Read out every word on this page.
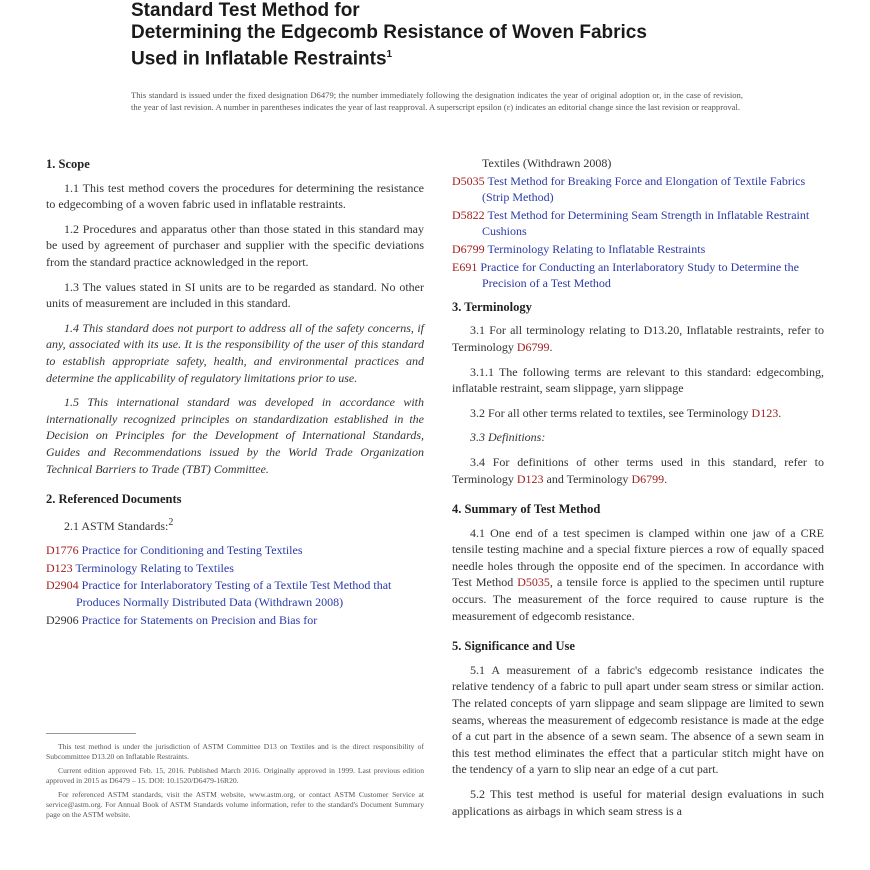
Standard Test Method for
Determining the Edgecomb Resistance of Woven Fabrics
Used in Inflatable Restraints$^1$
This standard is issued under the fixed designation D6479; the number immediately following the designation indicates the year of original adoption or, in the case of revision, the year of last revision. A number in parentheses indicates the year of last reapproval. A superscript epsilon (ε) indicates an editorial change since the last revision or reapproval.
1. Scope

1.1 This test method covers the procedures for determining the resistance to edgecombing of a woven fabric used in inflatable restraints.

1.2 Procedures and apparatus other than those stated in this standard may be used by agreement of purchaser and supplier with the specific deviations from the standard practice acknowledged in the report.

1.3 The values stated in SI units are to be regarded as standard. No other units of measurement are included in this standard.

1.4 This standard does not purport to address all of the safety concerns, if any, associated with its use. It is the responsibility of the user of this standard to establish appropriate safety, health, and environmental practices and determine the applicability of regulatory limitations prior to use.

1.5 This international standard was developed in accordance with internationally recognized principles on standardization established in the Decision on Principles for the Development of International Standards, Guides and Recommendations issued by the World Trade Organization Technical Barriers to Trade (TBT) Committee.

2. Referenced Documents

2.1 ASTM Standards:$^2$

D1776 Practice for Conditioning and Testing Textiles
D123 Terminology Relating to Textiles
D2904 Practice for Interlaboratory Testing of a Textile Test Method that Produces Normally Distributed Data (Withdrawn 2008)
D2906 Practice for Statements on Precision and Bias for

This test method is under the jurisdiction of ASTM Committee D13 on Textiles and is the direct responsibility of Subcommittee D13.20 on Inflatable Restraints.

Current edition approved Feb. 15, 2016. Published March 2016. Originally approved in 1999. Last previous edition approved in 2015 as D6479 – 15. DOI: 10.1520/D6479-16R20.

For referenced ASTM standards, visit the ASTM website, www.astm.org, or contact ASTM Customer Service at service@astm.org. For Annual Book of ASTM Standards volume information, refer to the standard's Document Summary page on the ASTM website.

Textiles (Withdrawn 2008)
D5035 Test Method for Breaking Force and Elongation of Textile Fabrics (Strip Method)
D5822 Test Method for Determining Seam Strength in Inflatable Restraint Cushions
D6799 Terminology Relating to Inflatable Restraints
E691 Practice for Conducting an Interlaboratory Study to Determine the Precision of a Test Method
3. Terminology

3.1 For all terminology relating to D13.20, Inflatable restraints, refer to Terminology D6799.

3.1.1 The following terms are relevant to this standard: edgecombing, inflatable restraint, seam slippage, yarn slippage

3.2 For all other terms related to textiles, see Terminology D123.

3.3 Definitions:

3.4 For definitions of other terms used in this standard, refer to Terminology D123 and Terminology D6799.

4. Summary of Test Method

4.1 One end of a test specimen is clamped within one jaw of a CRE tensile testing machine and a special fixture pierces a row of equally spaced needle holes through the opposite end of the specimen. In accordance with Test Method D5035, a tensile force is applied to the specimen until rupture occurs. The measurement of the force required to cause rupture is the measurement of edgecomb resistance.

5. Significance and Use

5.1 A measurement of a fabric's edgecomb resistance indicates the relative tendency of a fabric to pull apart under seam stress or similar action. The related concepts of yarn slippage and seam slippage are limited to sewn seams, whereas the measurement of edgecomb resistance is made at the edge of a cut part in the absence of a sewn seam. The absence of a sewn seam in this test method eliminates the effect that a particular stitch might have on the tendency of a yarn to slip near an edge of a cut part.

5.2 This test method is useful for material design evaluations in such applications as airbags in which seam stress is a
